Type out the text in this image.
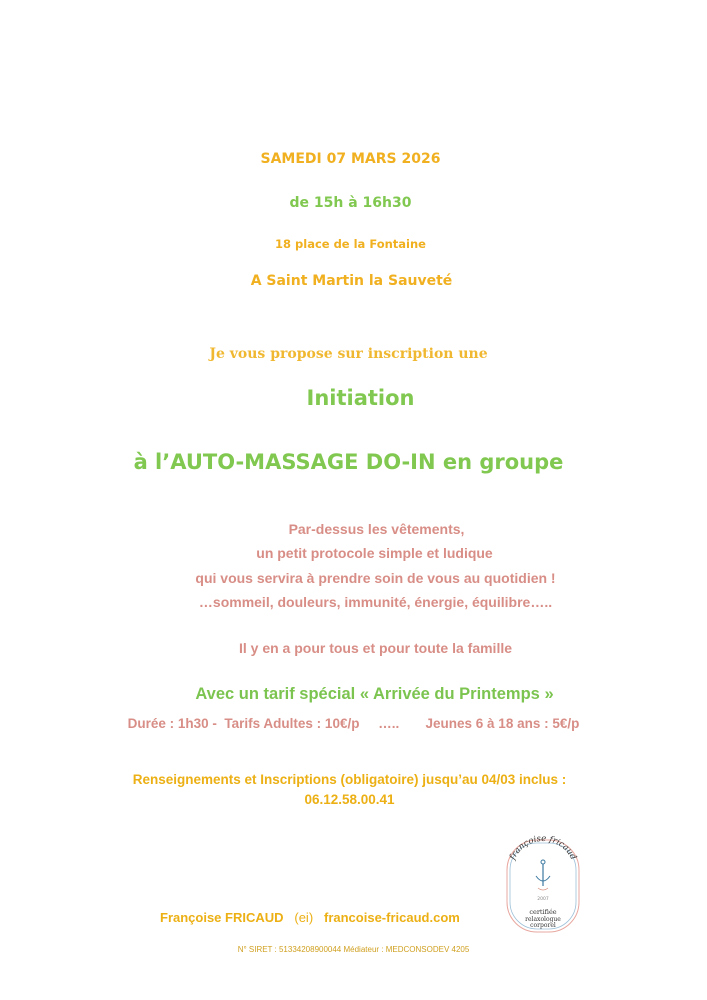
SAMEDI 07 MARS 2026
de 15h à 16h30
18 place de la Fontaine
A Saint Martin la Sauveté
Je vous propose sur inscription une
Initiation
à l’AUTO-MASSAGE DO-IN en groupe
Par-dessus les vêtements,
un petit protocole simple et ludique
qui vous servira à prendre soin de vous au quotidien !
…sommeil, douleurs, immunité, énergie, équilibre…..
Il y en a pour tous et pour toute la famille
Avec un tarif spécial « Arrivée du Printemps »
Durée : 1h30 - Tarifs Adultes : 10€/p ….. Jeunes 6 à 18 ans : 5€/p
Renseignements et Inscriptions (obligatoire) jusqu’au 04/03 inclus :
06.12.58.00.41
françoise fricaud
2007
certifiée
relaxologue
corporel
Françoise FRICAUD (ei) francoise-fricaud.com
N° SIRET : 51334208900044 Médiateur : MEDCONSODEV 4205
